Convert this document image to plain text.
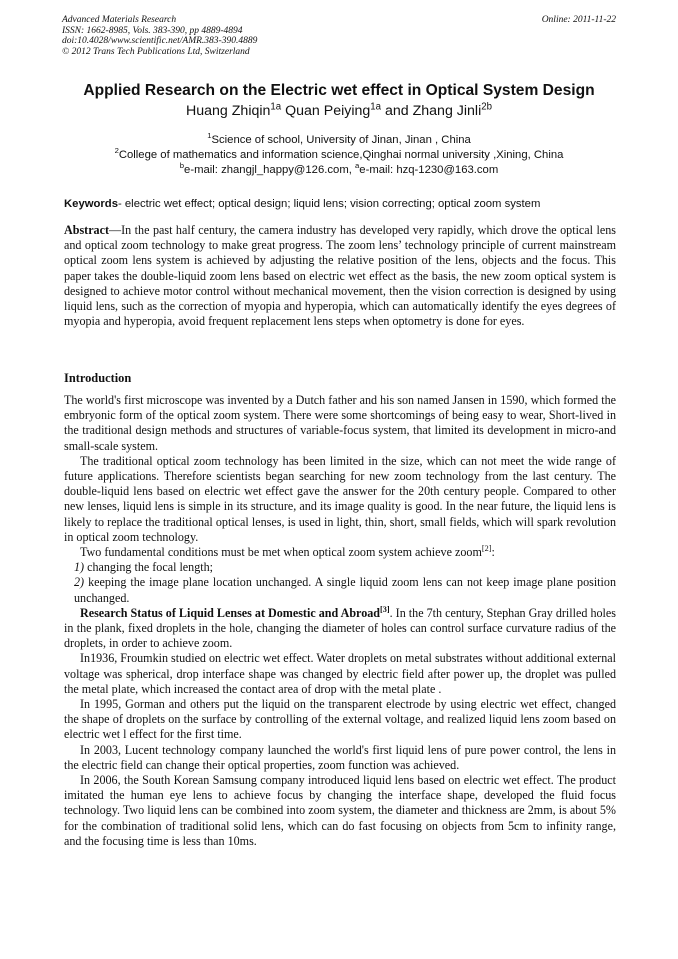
Advanced Materials Research
ISSN: 1662-8985, Vols. 383-390, pp 4889-4894
doi:10.4028/www.scientific.net/AMR.383-390.4889
© 2012 Trans Tech Publications Ltd, Switzerland
Online: 2011-11-22
Applied Research on the Electric wet effect in Optical System Design
Huang Zhiqin$^{1a}$ Quan Peiying$^{1a}$ and Zhang Jinli$^{2b}$
$^1$Science of school, University of Jinan, Jinan , China
$^2$College of mathematics and information science,Qinghai normal university ,Xining, China
$^b$e-mail: zhangjl_happy@126.com, $^a$e-mail: hzq-1230@163.com
Keywords- electric wet effect; optical design; liquid lens; vision correcting; optical zoom system

Abstract—In the past half century, the camera industry has developed very rapidly, which drove the optical lens and optical zoom technology to make great progress. The zoom lens’ technology principle of current mainstream optical zoom lens system is achieved by adjusting the relative position of the lens, objects and the focus. This paper takes the double-liquid zoom lens based on electric wet effect as the basis, the new zoom optical system is designed to achieve motor control without mechanical movement, then the vision correction is designed by using liquid lens, such as the correction of myopia and hyperopia, which can automatically identify the eyes degrees of myopia and hyperopia, avoid frequent replacement lens steps when optometry is done for eyes.

Introduction

The world's first microscope was invented by a Dutch father and his son named Jansen in 1590, which formed the embryonic form of the optical zoom system. There were some shortcomings of being easy to wear, Short-lived in the traditional design methods and structures of variable-focus system, that limited its development in micro-and small-scale system.

The traditional optical zoom technology has been limited in the size, which can not meet the wide range of future applications. Therefore scientists began searching for new zoom technology from the last century. The double-liquid lens based on electric wet effect gave the answer for the 20th century people. Compared to other new lenses, liquid lens is simple in its structure, and its image quality is good. In the near future, the liquid lens is likely to replace the traditional optical lenses, is used in light, thin, short, small fields, which will spark revolution in optical zoom technology.

Two fundamental conditions must be met when optical zoom system achieve zoom[2]:

1) changing the focal length;

2) keeping the image plane location unchanged. A single liquid zoom lens can not keep image plane position unchanged.

Research Status of Liquid Lenses at Domestic and Abroad[3]. In the 7th century, Stephan Gray drilled holes in the plank, fixed droplets in the hole, changing the diameter of holes can control surface curvature radius of the droplets, in order to achieve zoom.

In1936, Froumkin studied on electric wet effect. Water droplets on metal substrates without additional external voltage was spherical, drop interface shape was changed by electric field after power up, the droplet was pulled the metal plate, which increased the contact area of drop with the metal plate .

In 1995, Gorman and others put the liquid on the transparent electrode by using electric wet effect, changed the shape of droplets on the surface by controlling of the external voltage, and realized liquid lens zoom based on electric wet l effect for the first time.

In 2003, Lucent technology company launched the world's first liquid lens of pure power control, the lens in the electric field can change their optical properties, zoom function was achieved.

In 2006, the South Korean Samsung company introduced liquid lens based on electric wet effect. The product imitated the human eye lens to achieve focus by changing the interface shape, developed the fluid focus technology. Two liquid lens can be combined into zoom system, the diameter and thickness are 2mm, is about 5% for the combination of traditional solid lens, which can do fast focusing on objects from 5cm to infinity range, and the focusing time is less than 10ms.
